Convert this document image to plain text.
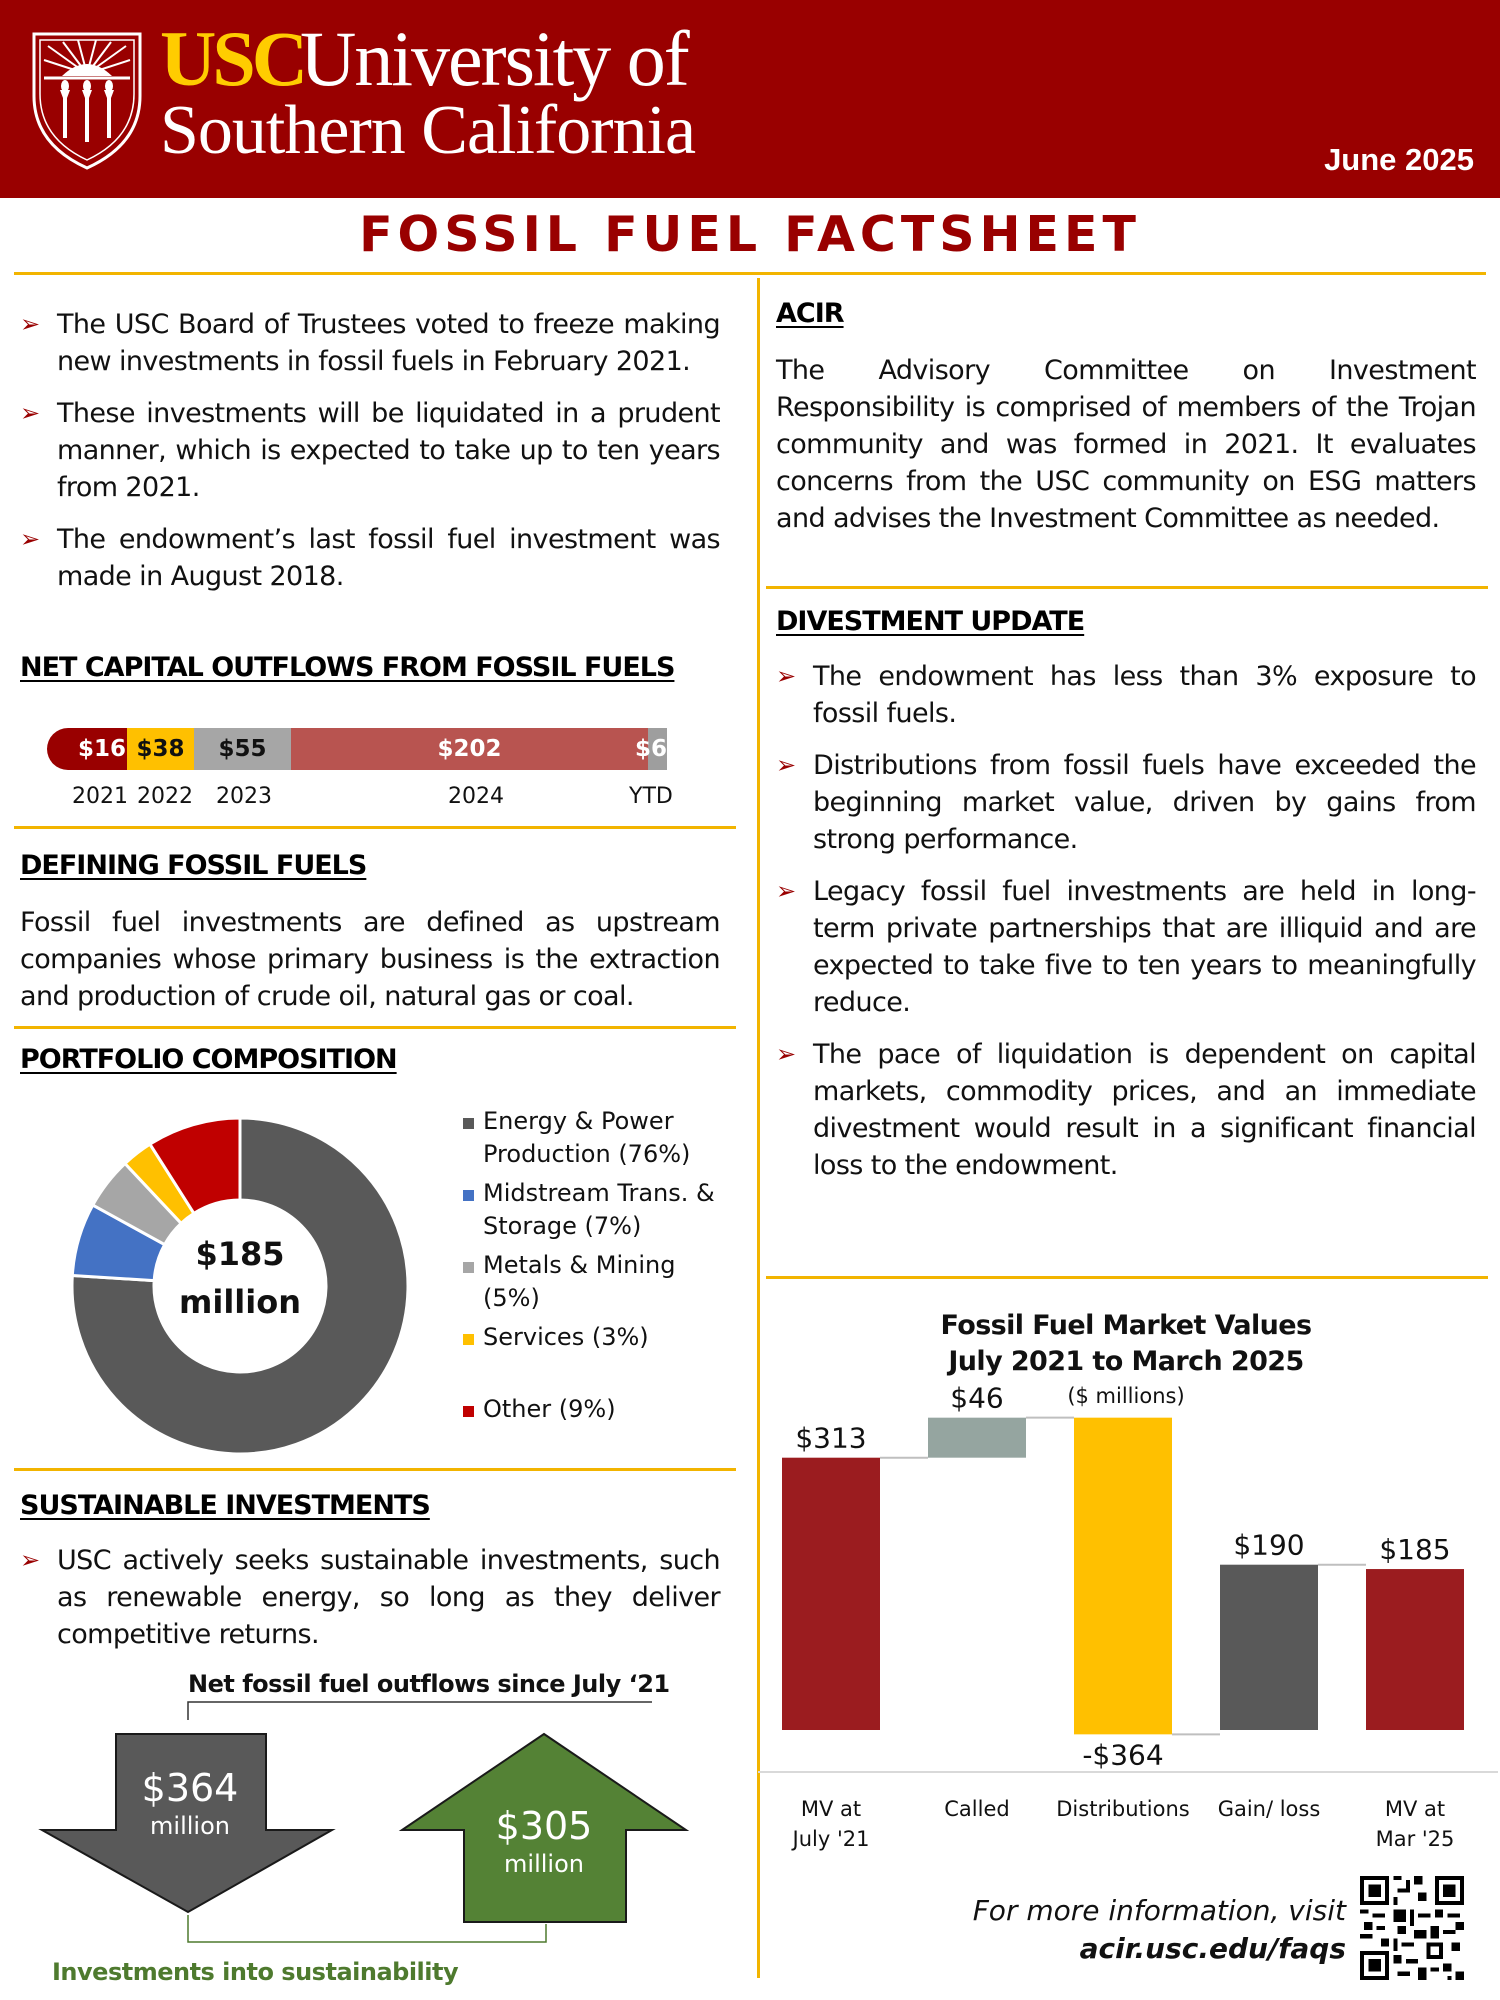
USC
University of
Southern California	June 2025
FOSSIL FUEL FACTSHEET
➢ The USC Board of Trustees voted to freeze making new investments in fossil fuels in February 2021.
➢ These investments will be liquidated in a prudent manner, which is expected to take up to ten years from 2021.
➢ The endowment’s last fossil fuel investment was made in August 2018.
NET CAPITAL OUTFLOWS FROM FOSSIL FUELS
$16 $38 $55	$202	$6
2021 2022 2023	2024	YTD
DEFINING FOSSIL FUELS
Fossil fuel investments are defined as upstream companies whose primary business is the extraction and production of crude oil, natural gas or coal.
PORTFOLIO COMPOSITION
$185
million
Energy & Power
Production (76%)
Midstream Trans. &
Storage (7%)
Metals & Mining
(5%)
Services (3%)
Other (9%)
SUSTAINABLE INVESTMENTS
➢ USC actively seeks sustainable investments, such as renewable energy, so long as they deliver competitive returns.
Net fossil fuel outflows since July ‘21
$364
million	$305
million
Investments into sustainability
ACIR
The Advisory Committee on Investment Responsibility is comprised of members of the Trojan community and was formed in 2021. It evaluates concerns from the USC community on ESG matters and advises the Investment Committee as needed.
DIVESTMENT UPDATE
➢ The endowment has less than 3% exposure to fossil fuels.
➢ Distributions from fossil fuels have exceeded the beginning market value, driven by gains from strong performance.
➢ Legacy fossil fuel investments are held in long-term private partnerships that are illiquid and are expected to take five to ten years to meaningfully reduce.
➢ The pace of liquidation is dependent on capital markets, commodity prices, and an immediate divestment would result in a significant financial loss to the endowment.
Fossil Fuel Market Values
July 2021 to March 2025
($ millions)
$313
MV at
July '21
$46
Called
-$364
Distributions
$190
Gain/ loss
$185
MV at
Mar '25
For more information, visit
acir.usc.edu/faqs
